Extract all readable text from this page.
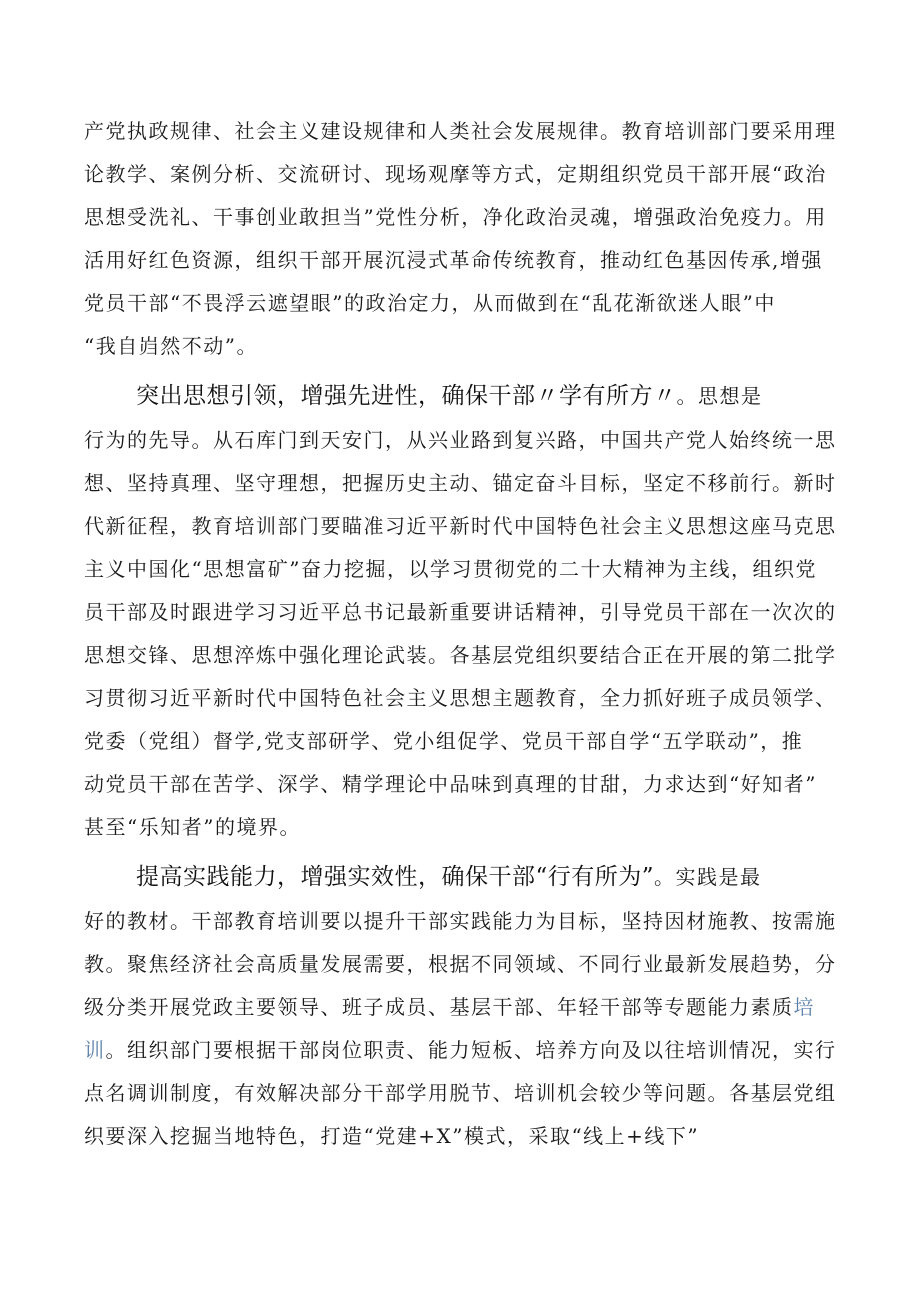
产党执政规律、社会主义建设规律和人类社会发展规律。教育培训部门要采用理
论教学、案例分析、交流研讨、现场观摩等方式，定期组织党员干部开展“政治
思想受洗礼、干事创业敢担当”党性分析，净化政治灵魂，增强政治免疫力。用
活用好红色资源，组织干部开展沉浸式革命传统教育，推动红色基因传承,增强
党员干部“不畏浮云遮望眼”的政治定力，从而做到在“乱花渐欲迷人眼”中
“我自岿然不动”。
突出思想引领，增强先进性，确保干部〃学有所方〃。思想是
行为的先导。从石库门到天安门，从兴业路到复兴路，中国共产党人始终统一思
想、坚持真理、坚守理想，把握历史主动、锚定奋斗目标，坚定不移前行。新时
代新征程，教育培训部门要瞄准习近平新时代中国特色社会主义思想这座马克思
主义中国化“思想富矿”奋力挖掘，以学习贯彻党的二十大精神为主线，组织党
员干部及时跟进学习习近平总书记最新重要讲话精神，引导党员干部在一次次的
思想交锋、思想淬炼中强化理论武装。各基层党组织要结合正在开展的第二批学
习贯彻习近平新时代中国特色社会主义思想主题教育，全力抓好班子成员领学、
党委（党组）督学,党支部研学、党小组促学、党员干部自学“五学联动”，推
动党员干部在苦学、深学、精学理论中品味到真理的甘甜，力求达到“好知者”
甚至“乐知者”的境界。
提高实践能力，增强实效性，确保干部“行有所为”。实践是最
好的教材。干部教育培训要以提升干部实践能力为目标，坚持因材施教、按需施
教。聚焦经济社会高质量发展需要，根据不同领域、不同行业最新发展趋势，分
级分类开展党政主要领导、班子成员、基层干部、年轻干部等专题能力素质培
训。组织部门要根据干部岗位职责、能力短板、培养方向及以往培训情况，实行
点名调训制度，有效解决部分干部学用脱节、培训机会较少等问题。各基层党组
织要深入挖掘当地特色，打造“党建+X”模式，采取“线上+线下”
